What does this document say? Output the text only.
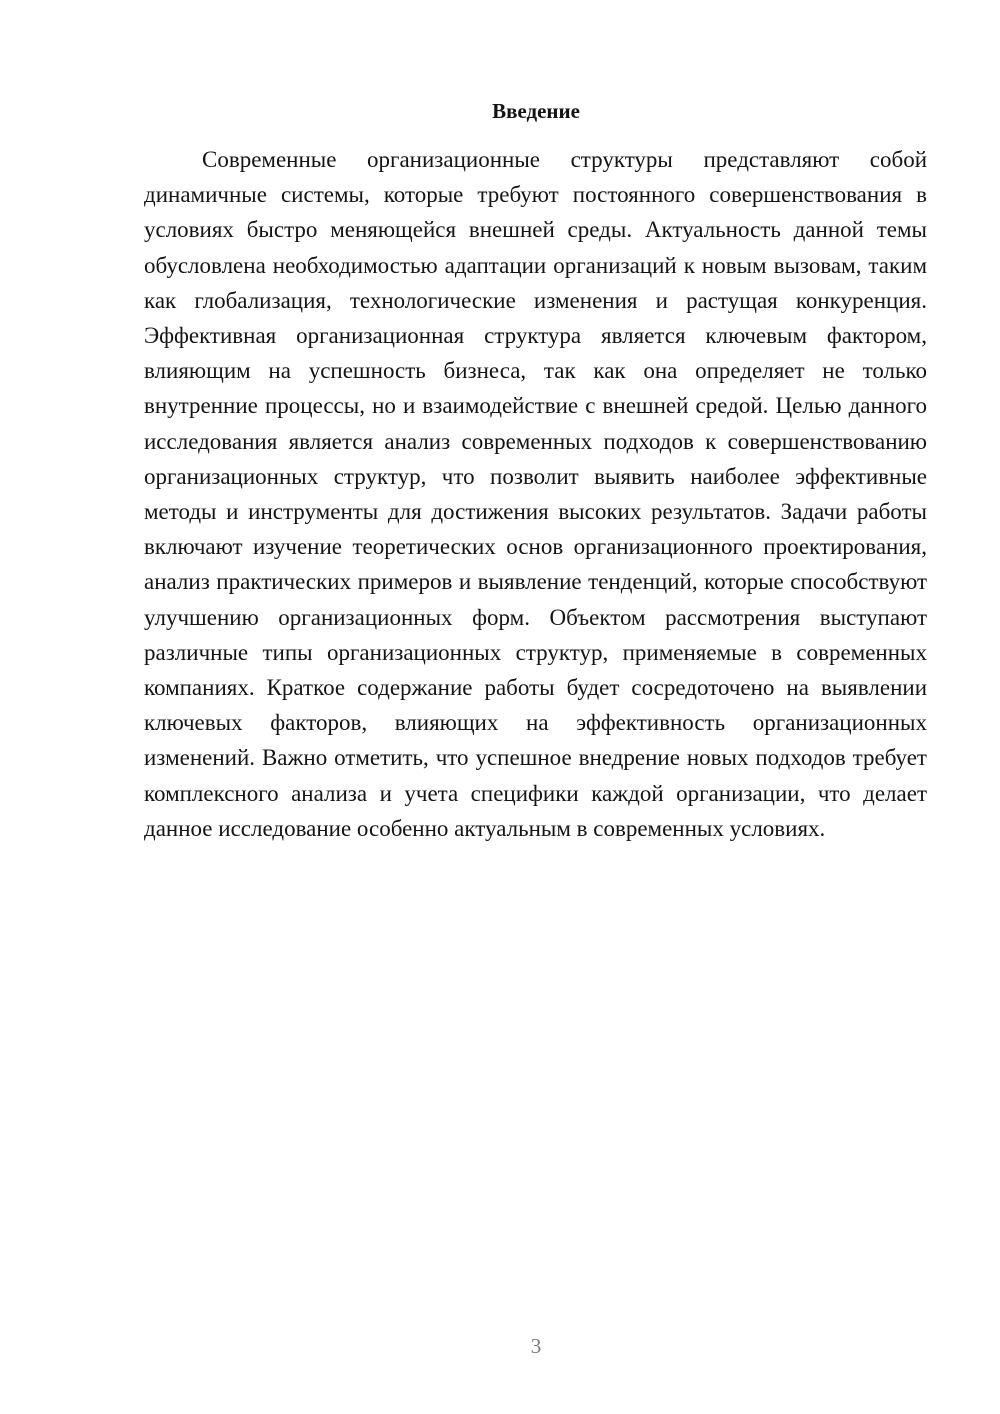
Введение

Современные организационные структуры представляют собой динамичные системы, которые требуют постоянного совершенствования в условиях быстро меняющейся внешней среды. Актуальность данной темы обусловлена необходимостью адаптации организаций к новым вызовам, таким как глобализация, технологические изменения и растущая конкуренция. Эффективная организационная структура является ключевым фактором, влияющим на успешность бизнеса, так как она определяет не только внутренние процессы, но и взаимодействие с внешней средой. Целью данного исследования является анализ современных подходов к совершенствованию организационных структур, что позволит выявить наиболее эффективные методы и инструменты для достижения высоких результатов. Задачи работы включают изучение теоретических основ организационного проектирования, анализ практических примеров и выявление тенденций, которые способствуют улучшению организационных форм. Объектом рассмотрения выступают различные типы организационных структур, применяемые в современных компаниях. Краткое содержание работы будет сосредоточено на выявлении ключевых факторов, влияющих на эффективность организационных изменений. Важно отметить, что успешное внедрение новых подходов требует комплексного анализа и учета специфики каждой организации, что делает данное исследование особенно актуальным в современных условиях.

3
